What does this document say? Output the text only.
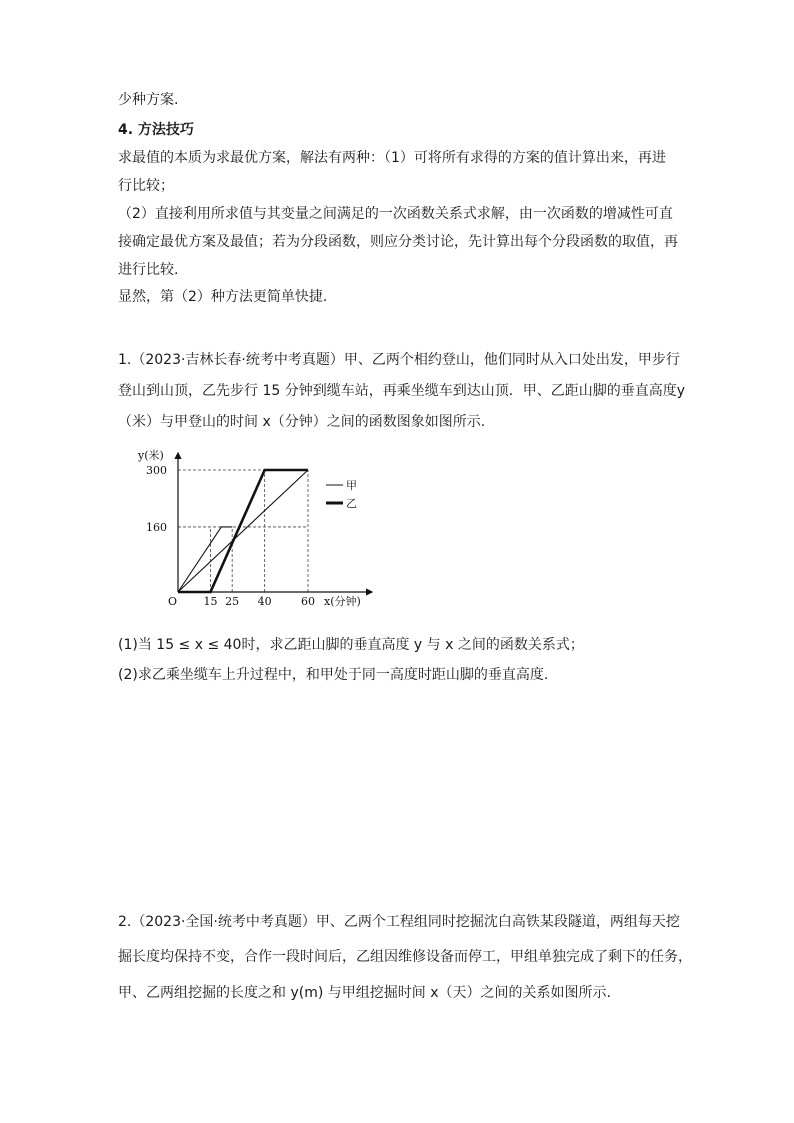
少种方案.
4. 方法技巧
求最值的本质为求最优方案，解法有两种：（1）可将所有求得的方案的值计算出来，再进
行比较；
（2）直接利用所求值与其变量之间满足的一次函数关系式求解，由一次函数的增减性可直
接确定最优方案及最值；若为分段函数，则应分类讨论，先计算出每个分段函数的取值，再
进行比较.
显然，第（2）种方法更简单快捷.
1.（2023·吉林长春·统考中考真题）甲、乙两个相约登山，他们同时从入口处出发，甲步行
登山到山顶，乙先步行 15 分钟到缆车站，再乘坐缆车到达山顶．甲、乙距山脚的垂直高度y
（米）与甲登山的时间 x（分钟）之间的函数图象如图所示.
y(米)
x(分钟)
O
160
300
15 25 40	60
甲
乙
(1)当 15 ≤ x ≤ 40时，求乙距山脚的垂直高度 y 与 x 之间的函数关系式；
(2)求乙乘坐缆车上升过程中，和甲处于同一高度时距山脚的垂直高度.
2.（2023·全国·统考中考真题）甲、乙两个工程组同时挖掘沈白高铁某段隧道，两组每天挖
掘长度均保持不变，合作一段时间后，乙组因维修设备而停工，甲组单独完成了剩下的任务，
甲、乙两组挖掘的长度之和 y(m) 与甲组挖掘时间 x（天）之间的关系如图所示.
